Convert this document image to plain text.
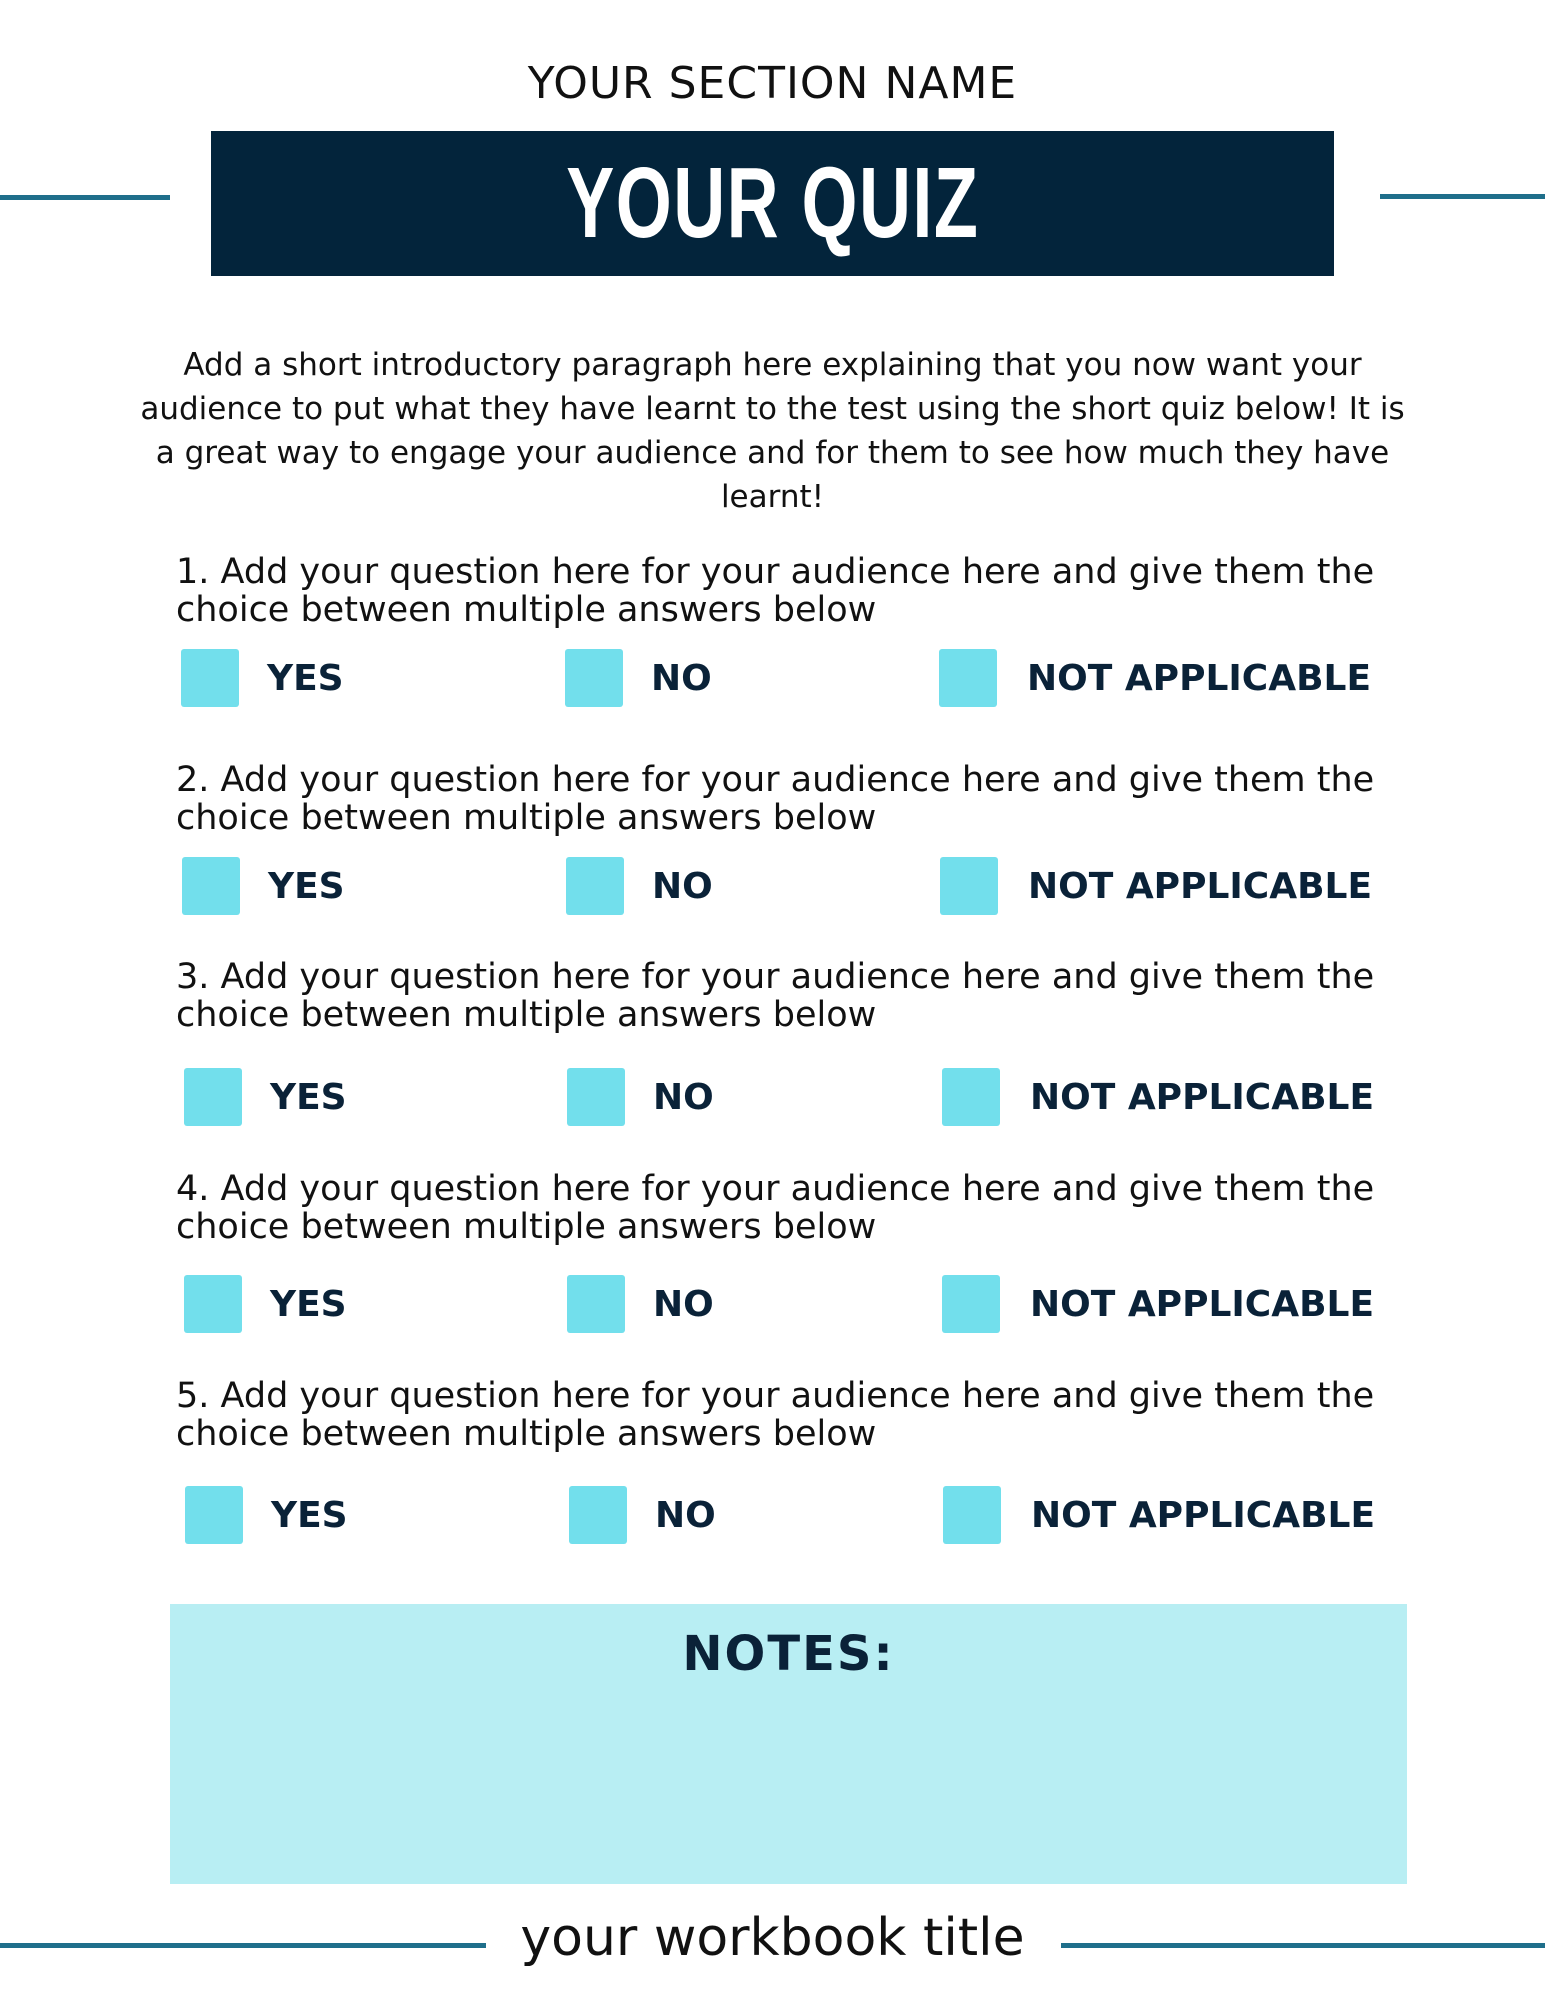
YOUR SECTION NAME
YOUR QUIZ

Add a short introductory paragraph here explaining that you now want your audience to put what they have learnt to the test using the short quiz below! It is a great way to engage your audience and for them to see how much they have learnt!

1. Add your question here for your audience here and give them the
choice between multiple answers below
YES	NO	NOT APPLICABLE
2. Add your question here for your audience here and give them the
choice between multiple answers below
YES	NO	NOT APPLICABLE
3. Add your question here for your audience here and give them the
choice between multiple answers below
YES	NO	NOT APPLICABLE
4. Add your question here for your audience here and give them the
choice between multiple answers below
YES	NO	NOT APPLICABLE
5. Add your question here for your audience here and give them the
choice between multiple answers below
YES	NO	NOT APPLICABLE
NOTES:
your workbook title
